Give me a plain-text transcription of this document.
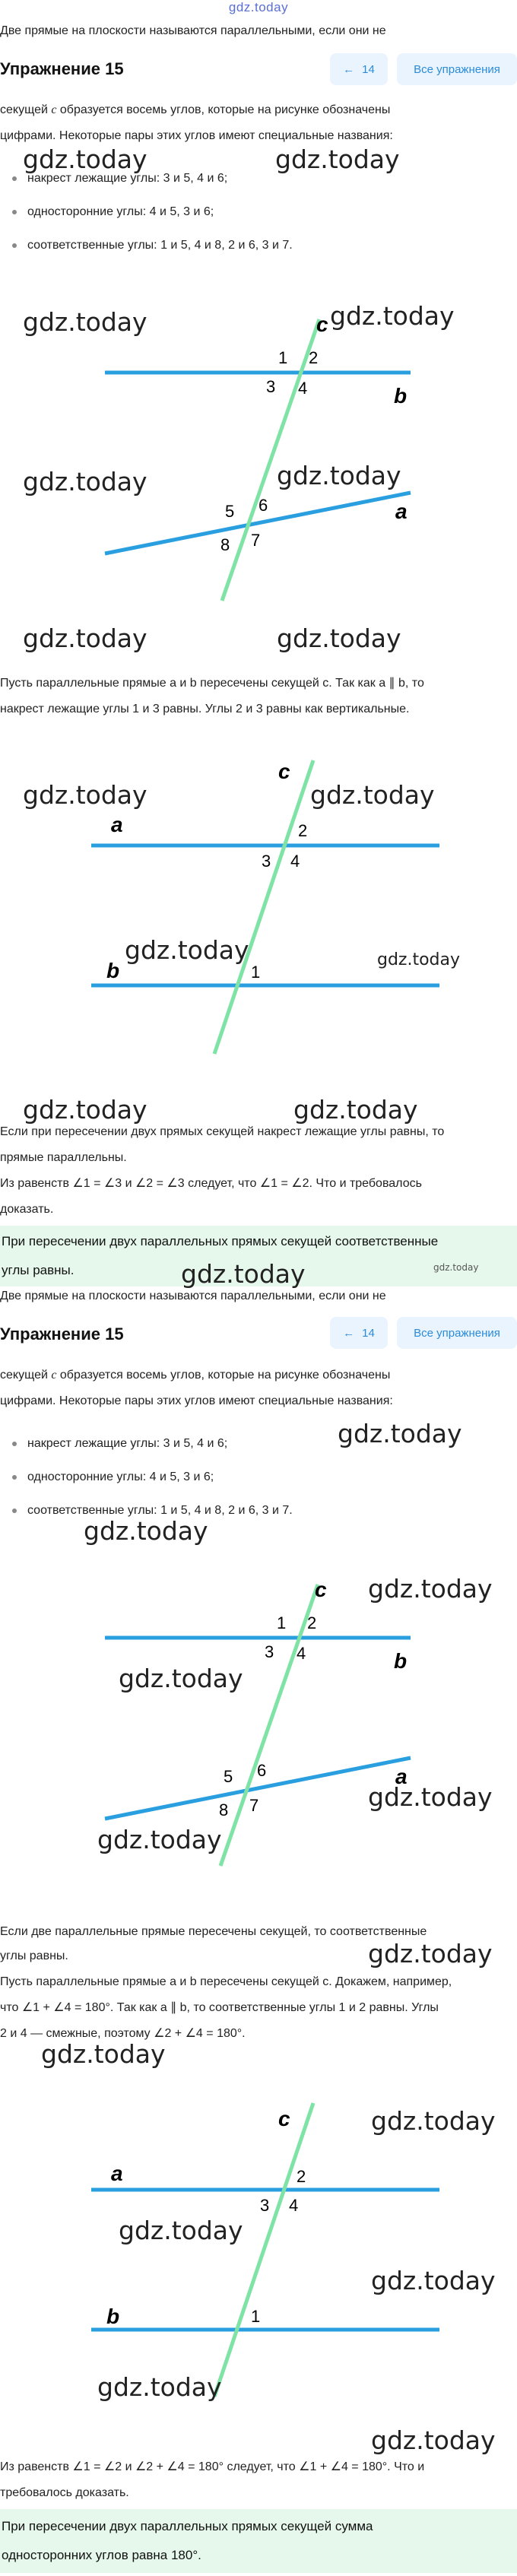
gdz.today
Две прямые на плоскости называются параллельными, если они не
Упражнение 15	← 14	Все упражнения
секущей c образуется восемь углов, которые на рисунке обозначены
цифрами. Некоторые пары этих углов имеют специальные названия:
накрест лежащие углы: 3 и 5, 4 и 6;
односторонние углы: 4 и 5, 3 и 6;
соответственные углы: 1 и 5, 4 и 8, 2 и 6, 3 и 7.
gdz.today	gdz.today
c
b
a
1 2
3 4
5 6
8 7
gdz.today	gdz.today
gdz.today	gdz.today
gdz.today	gdz.today
Пусть параллельные прямые a и b пересечены секущей c. Так как a ∥ b, то
накрест лежащие углы 1 и 3 равны. Углы 2 и 3 равны как вертикальные.
c
a
b
2
3 4
1
gdz.today	gdz.today
gdz.today	gdz.today
gdz.today	gdz.today
Если при пересечении двух прямых секущей накрест лежащие углы равны, то
прямые параллельны.
Из равенств ∠1 = ∠3 и ∠2 = ∠3 следует, что ∠1 = ∠2. Что и требовалось
доказать.
При пересечении двух параллельных прямых секущей соответственные
углы равны.	gdz.today	gdz.today
Две прямые на плоскости называются параллельными, если они не
Упражнение 15	← 14	Все упражнения
секущей c образуется восемь углов, которые на рисунке обозначены
цифрами. Некоторые пары этих углов имеют специальные названия:
накрест лежащие углы: 3 и 5, 4 и 6;
односторонние углы: 4 и 5, 3 и 6;
соответственные углы: 1 и 5, 4 и 8, 2 и 6, 3 и 7.
gdz.today
gdz.today
c
b
a
1 2
3 4
5 6
8 7
gdz.today
gdz.today
gdz.today
gdz.today
gdz.today
Если две параллельные прямые пересечены секущей, то соответственные
углы равны.
Пусть параллельные прямые a и b пересечены секущей c. Докажем, например,
что ∠1 + ∠4 = 180°. Так как a ∥ b, то соответственные углы 1 и 2 равны. Углы
2 и 4 — смежные, поэтому ∠2 + ∠4 = 180°.
gdz.today
c
a
b
2
3 4
1
gdz.today
gdz.today
gdz.today
gdz.today
gdz.today
Из равенств ∠1 = ∠2 и ∠2 + ∠4 = 180° следует, что ∠1 + ∠4 = 180°. Что и
требовалось доказать.
При пересечении двух параллельных прямых секущей сумма
односторонних углов равна 180°.
